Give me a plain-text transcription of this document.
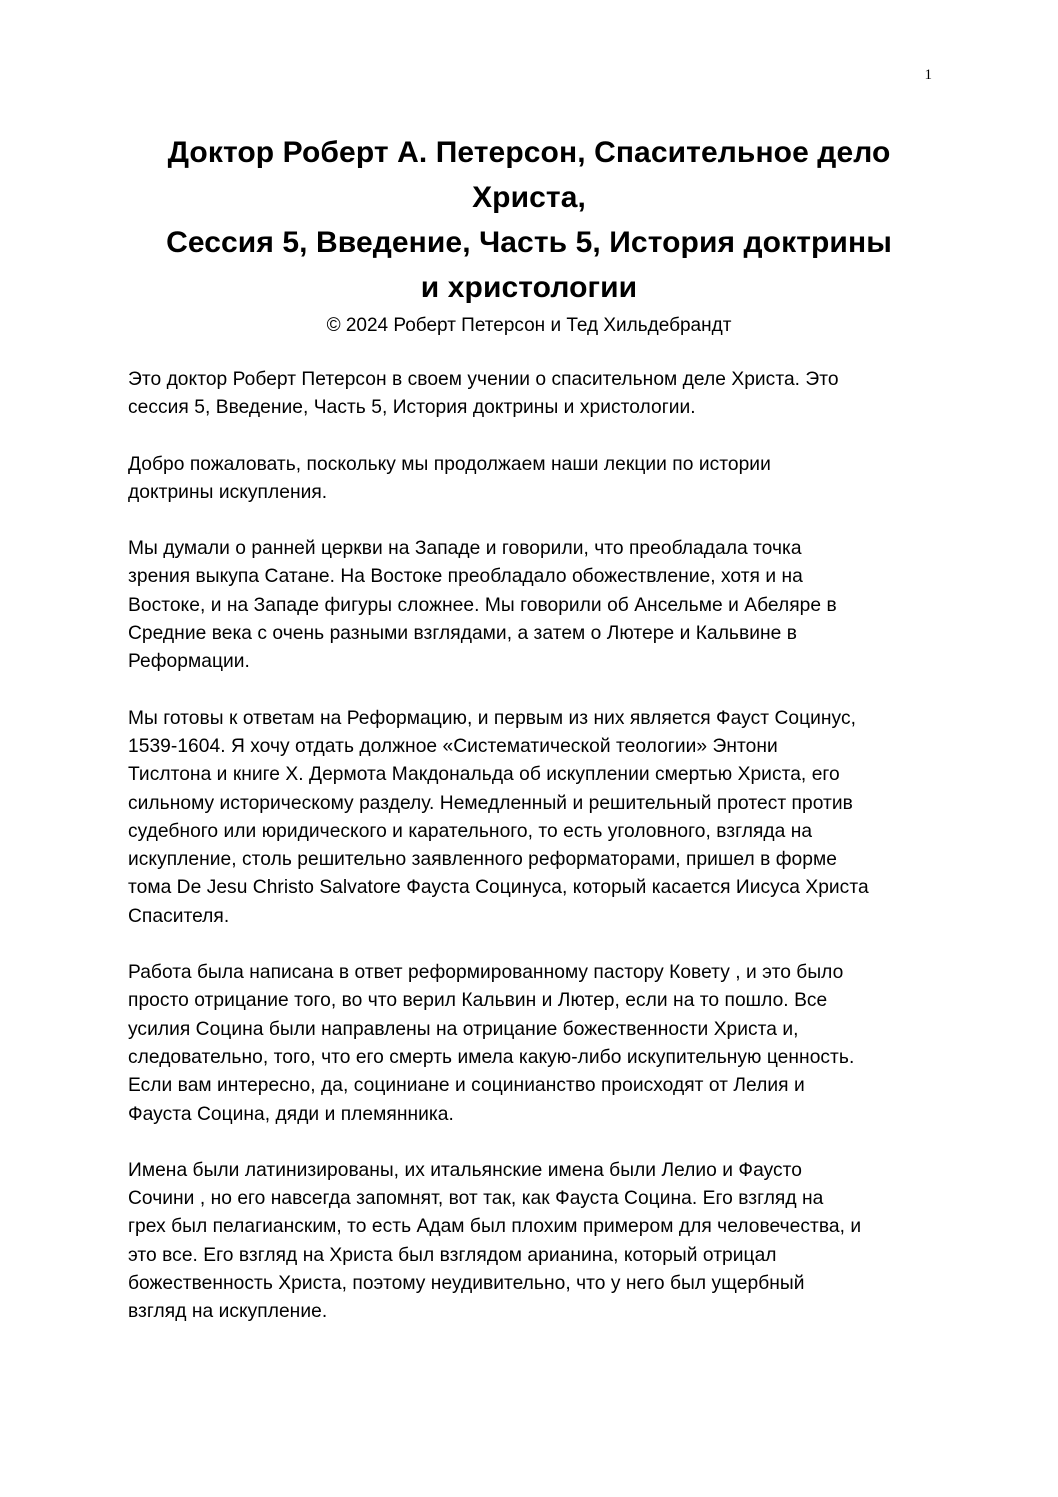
1
Доктор Роберт А. Петерсон, Спасительное дело
Христа,
Сессия 5, Введение, Часть 5, История доктрины
и христологии
© 2024 Роберт Петерсон и Тед Хильдебрандт

Это доктор Роберт Петерсон в своем учении о спасительном деле Христа. Это
сессия 5, Введение, Часть 5, История доктрины и христологии.

Добро пожаловать, поскольку мы продолжаем наши лекции по истории
доктрины искупления.

Мы думали о ранней церкви на Западе и говорили, что преобладала точка
зрения выкупа Сатане. На Востоке преобладало обожествление, хотя и на
Востоке, и на Западе фигуры сложнее. Мы говорили об Ансельме и Абеляре в
Средние века с очень разными взглядами, а затем о Лютере и Кальвине в
Реформации.

Мы готовы к ответам на Реформацию, и первым из них является Фауст Социнус,
1539-1604. Я хочу отдать должное «Систематической теологии» Энтони
Тислтона и книге Х. Дермота Макдональда об искуплении смертью Христа, его
сильному историческому разделу. Немедленный и решительный протест против
судебного или юридического и карательного, то есть уголовного, взгляда на
искупление, столь решительно заявленного реформаторами, пришел в форме
тома De Jesu Christo Salvatore Фауста Социнуса, который касается Иисуса Христа
Спасителя.

Работа была написана в ответ реформированному пастору Ковету , и это было
просто отрицание того, во что верил Кальвин и Лютер, если на то пошло. Все
усилия Социна были направлены на отрицание божественности Христа и,
следовательно, того, что его смерть имела какую-либо искупительную ценность.
Если вам интересно, да, социниане и социнианство происходят от Лелия и
Фауста Социна, дяди и племянника.

Имена были латинизированы, их итальянские имена были Лелио и Фаусто
Сочини , но его навсегда запомнят, вот так, как Фауста Социна. Его взгляд на
грех был пелагианским, то есть Адам был плохим примером для человечества, и
это все. Его взгляд на Христа был взглядом арианина, который отрицал
божественность Христа, поэтому неудивительно, что у него был ущербный
взгляд на искупление.
